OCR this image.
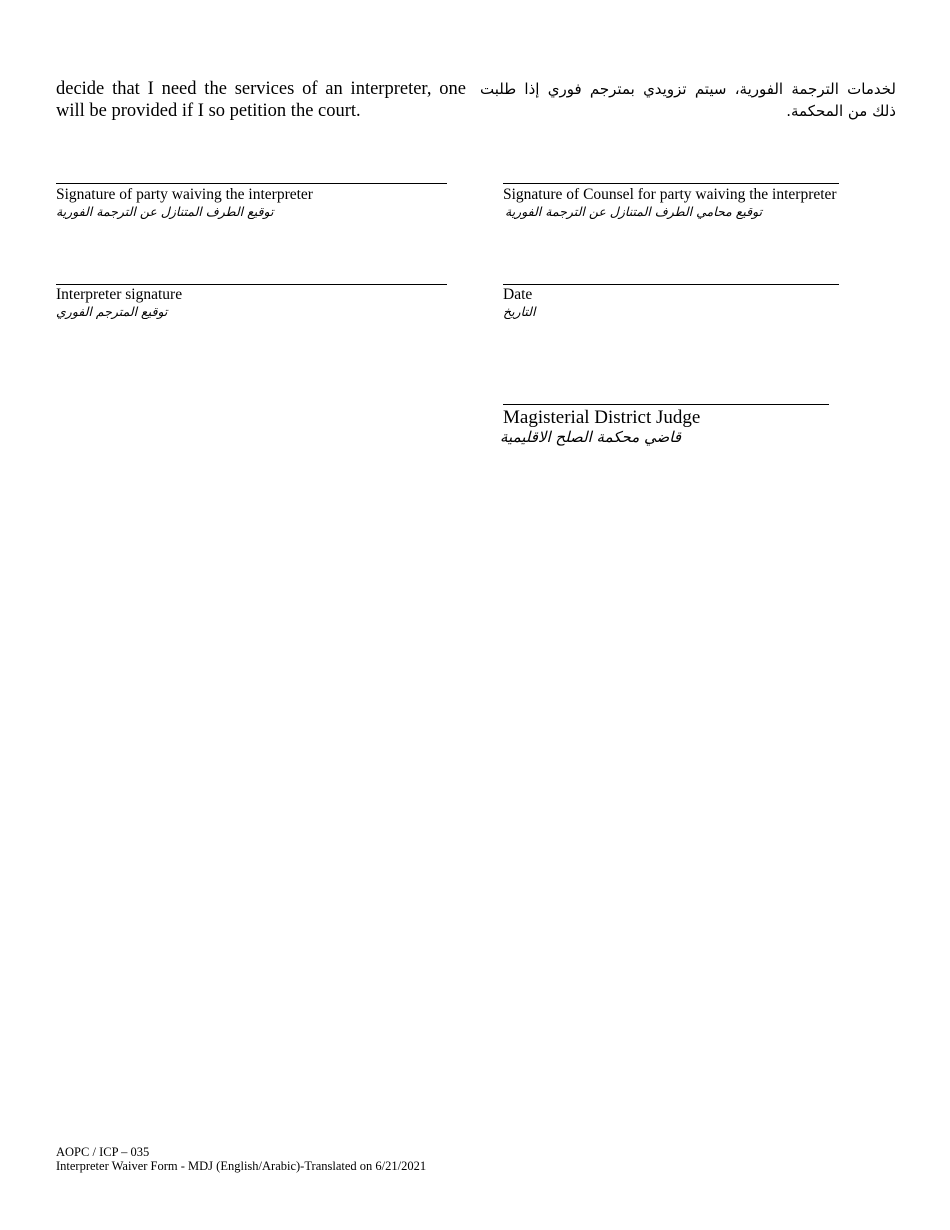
decide that I need the services of an interpreter, one will be provided if I so petition the court.
لخدمات الترجمة الفورية، سيتم تزويدي بمترجم فوري إذا طلبت ذلك من المحكمة.
Signature of party waiving the interpreter
توقيع الطرف المتنازل عن الترجمة الفورية
Signature of Counsel for party waiving the interpreter
توقيع محامي الطرف المتنازل عن الترجمة الفورية
Interpreter signature
توقيع المترجم الفوري
Date
التاريخ
Magisterial District Judge
قاضي محكمة الصلح الاقليمية
AOPC / ICP – 035
Interpreter Waiver Form - MDJ (English/Arabic)-Translated on 6/21/2021
